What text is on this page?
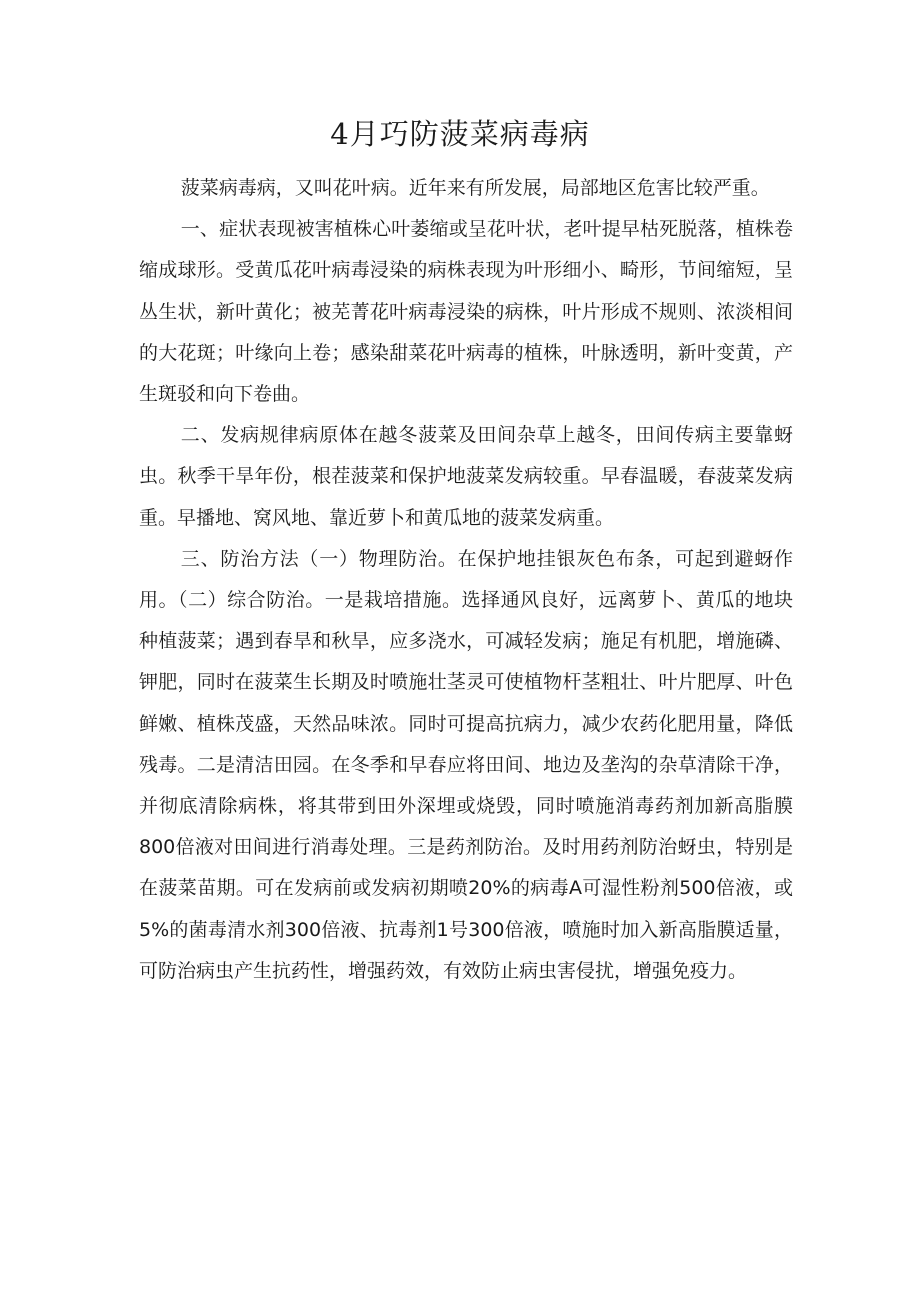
4月巧防菠菜病毒病

菠菜病毒病，又叫花叶病。近年来有所发展，局部地区危害比较严重。

一、症状表现被害植株心叶萎缩或呈花叶状，老叶提早枯死脱落，植株卷缩成球形。受黄瓜花叶病毒浸染的病株表现为叶形细小、畸形，节间缩短，呈丛生状，新叶黄化；被芜菁花叶病毒浸染的病株，叶片形成不规则、浓淡相间的大花斑；叶缘向上卷；感染甜菜花叶病毒的植株，叶脉透明，新叶变黄，产生斑驳和向下卷曲。

二、发病规律病原体在越冬菠菜及田间杂草上越冬，田间传病主要靠蚜虫。秋季干旱年份，根茬菠菜和保护地菠菜发病较重。早春温暖，春菠菜发病重。早播地、窝风地、靠近萝卜和黄瓜地的菠菜发病重。

三、防治方法（一）物理防治。在保护地挂银灰色布条，可起到避蚜作用。（二）综合防治。一是栽培措施。选择通风良好，远离萝卜、黄瓜的地块种植菠菜；遇到春旱和秋旱，应多浇水，可减轻发病；施足有机肥，增施磷、钾肥，同时在菠菜生长期及时喷施壮茎灵可使植物杆茎粗壮、叶片肥厚、叶色鲜嫩、植株茂盛，天然品味浓。同时可提高抗病力，减少农药化肥用量，降低残毒。二是清洁田园。在冬季和早春应将田间、地边及垄沟的杂草清除干净，并彻底清除病株，将其带到田外深埋或烧毁，同时喷施消毒药剂加新高脂膜800倍液对田间进行消毒处理。三是药剂防治。及时用药剂防治蚜虫，特别是在菠菜苗期。可在发病前或发病初期喷20%的病毒A可湿性粉剂500倍液，或5%的菌毒清水剂300倍液、抗毒剂1号300倍液，喷施时加入新高脂膜适量，可防治病虫产生抗药性，增强药效，有效防止病虫害侵扰，增强免疫力。
